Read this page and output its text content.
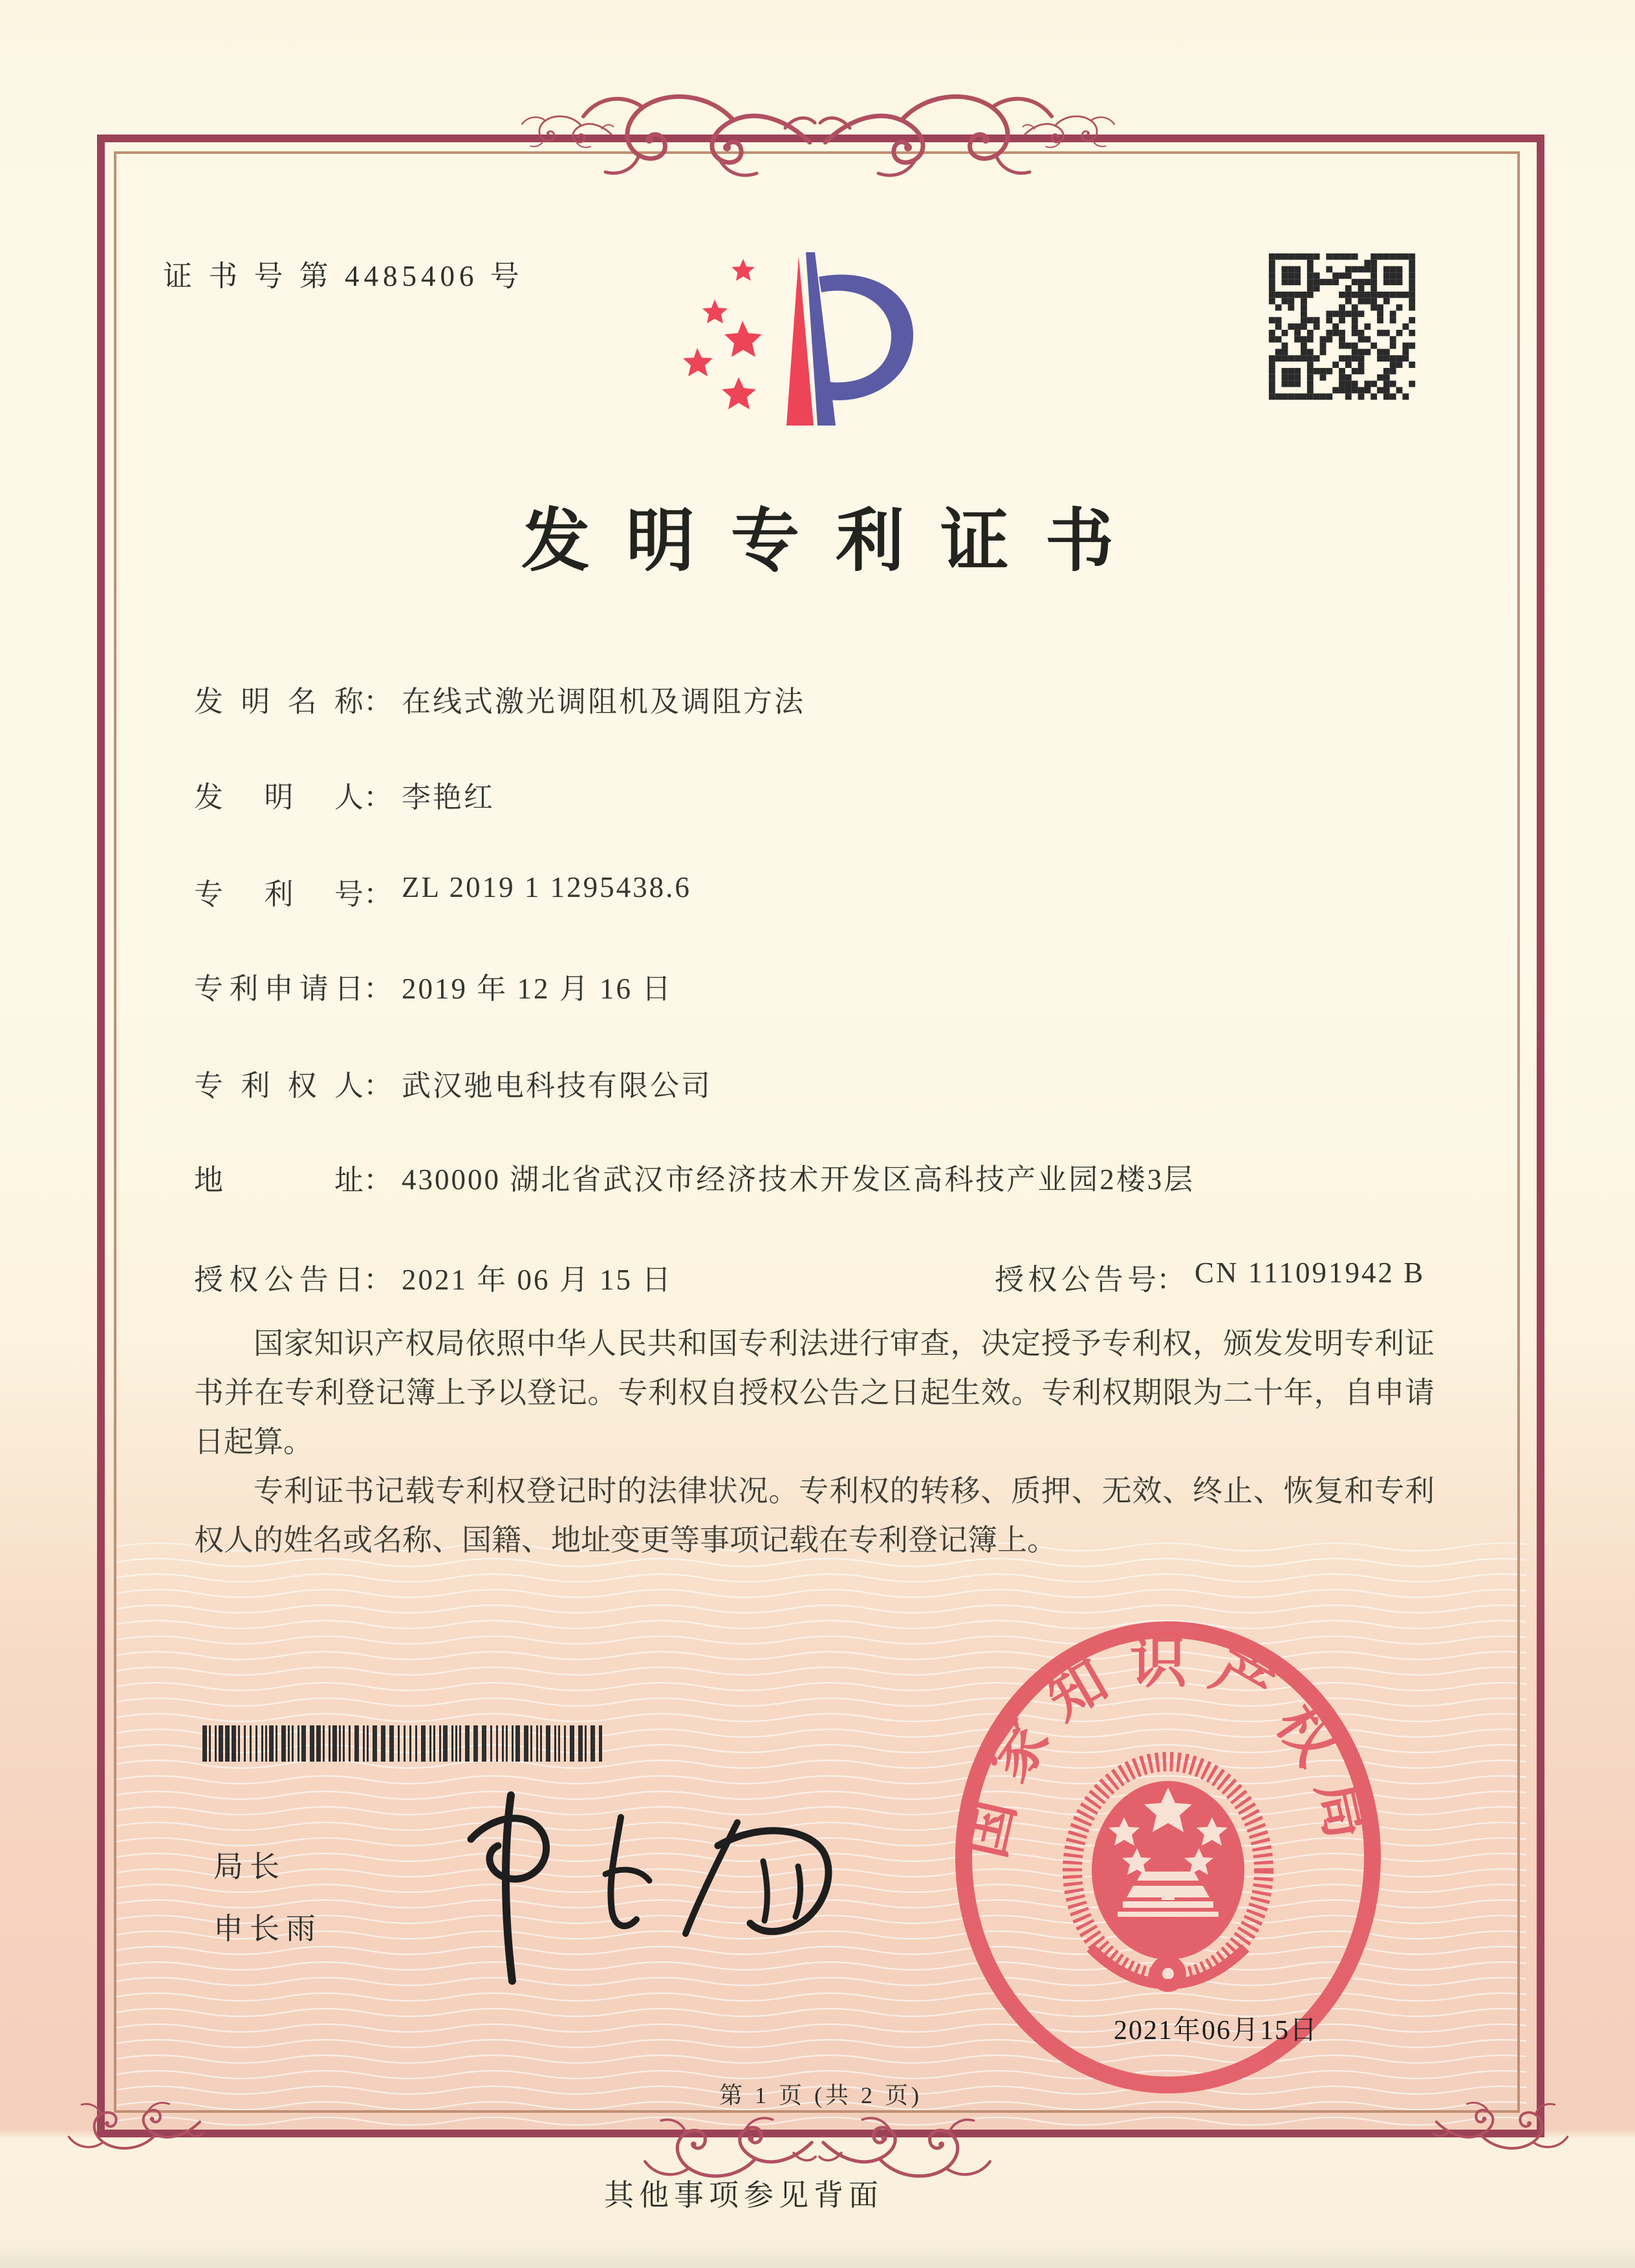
证 书 号 第 4485406 号
发明专利证书
发明名称： 在线式激光调阻机及调阻方法
发明人： 李艳红
专利号： ZL 2019 1 1295438.6
专利申请日： 2019 年 12 月 16 日
专利权人： 武汉驰电科技有限公司
地址： 430000 湖北省武汉市经济技术开发区高科技产业园2楼3层
授权公告日： 2021 年 06 月 15 日	授权公告号： CN 111091942 B

国家知识产权局依照中华人民共和国专利法进行审查，决定授予专利权，颁发发明专利证书并在专利登记簿上予以登记。专利权自授权公告之日起生效。专利权期限为二十年，自申请日起算。

专利证书记载专利权登记时的法律状况。专利权的转移、质押、无效、终止、恢复和专利权人的姓名或名称、国籍、地址变更等事项记载在专利登记簿上。

局长
申长雨
国家知识产权局
2021年06月15日
第 1 页 (共 2 页)
其他事项参见背面
